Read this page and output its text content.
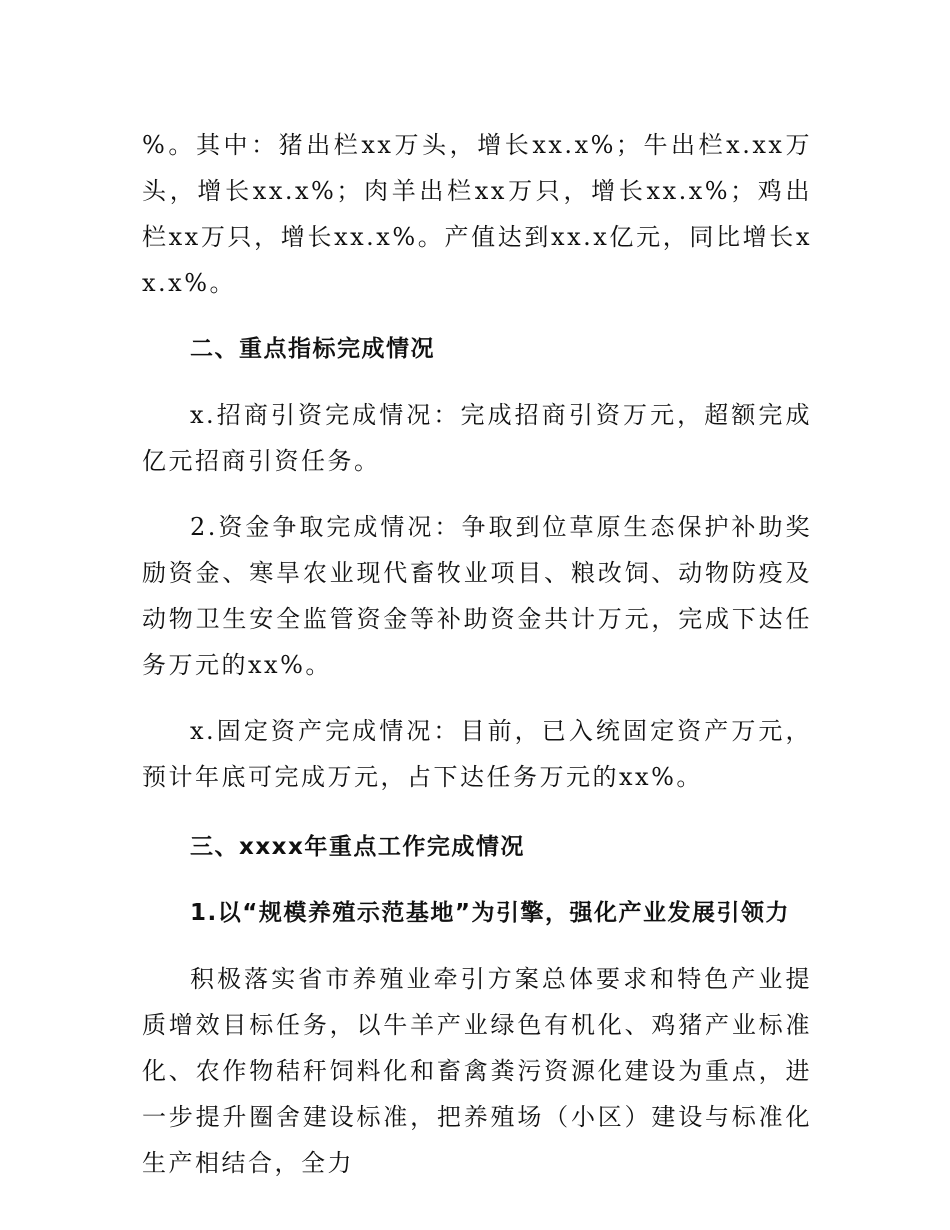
%。其中：猪出栏xx万头，增长xx.x%；牛出栏x.xx万头，增长xx.x%；肉羊出栏xx万只，增长xx.x%；鸡出栏xx万只，增长xx.x%。产值达到xx.x亿元，同比增长xx.x%。

二、重点指标完成情况

x.招商引资完成情况：完成招商引资万元，超额完成亿元招商引资任务。

2.资金争取完成情况：争取到位草原生态保护补助奖励资金、寒旱农业现代畜牧业项目、粮改饲、动物防疫及动物卫生安全监管资金等补助资金共计万元，完成下达任务万元的xx%。

x.固定资产完成情况：目前，已入统固定资产万元，预计年底可完成万元，占下达任务万元的xx%。

三、xxxx年重点工作完成情况
1.以“规模养殖示范基地”为引擎，强化产业发展引领力

积极落实省市养殖业牵引方案总体要求和特色产业提质增效目标任务，以牛羊产业绿色有机化、鸡猪产业标准化、农作物秸秆饲料化和畜禽粪污资源化建设为重点，进一步提升圈舍建设标准，把养殖场（小区）建设与标准化生产相结合，全力
